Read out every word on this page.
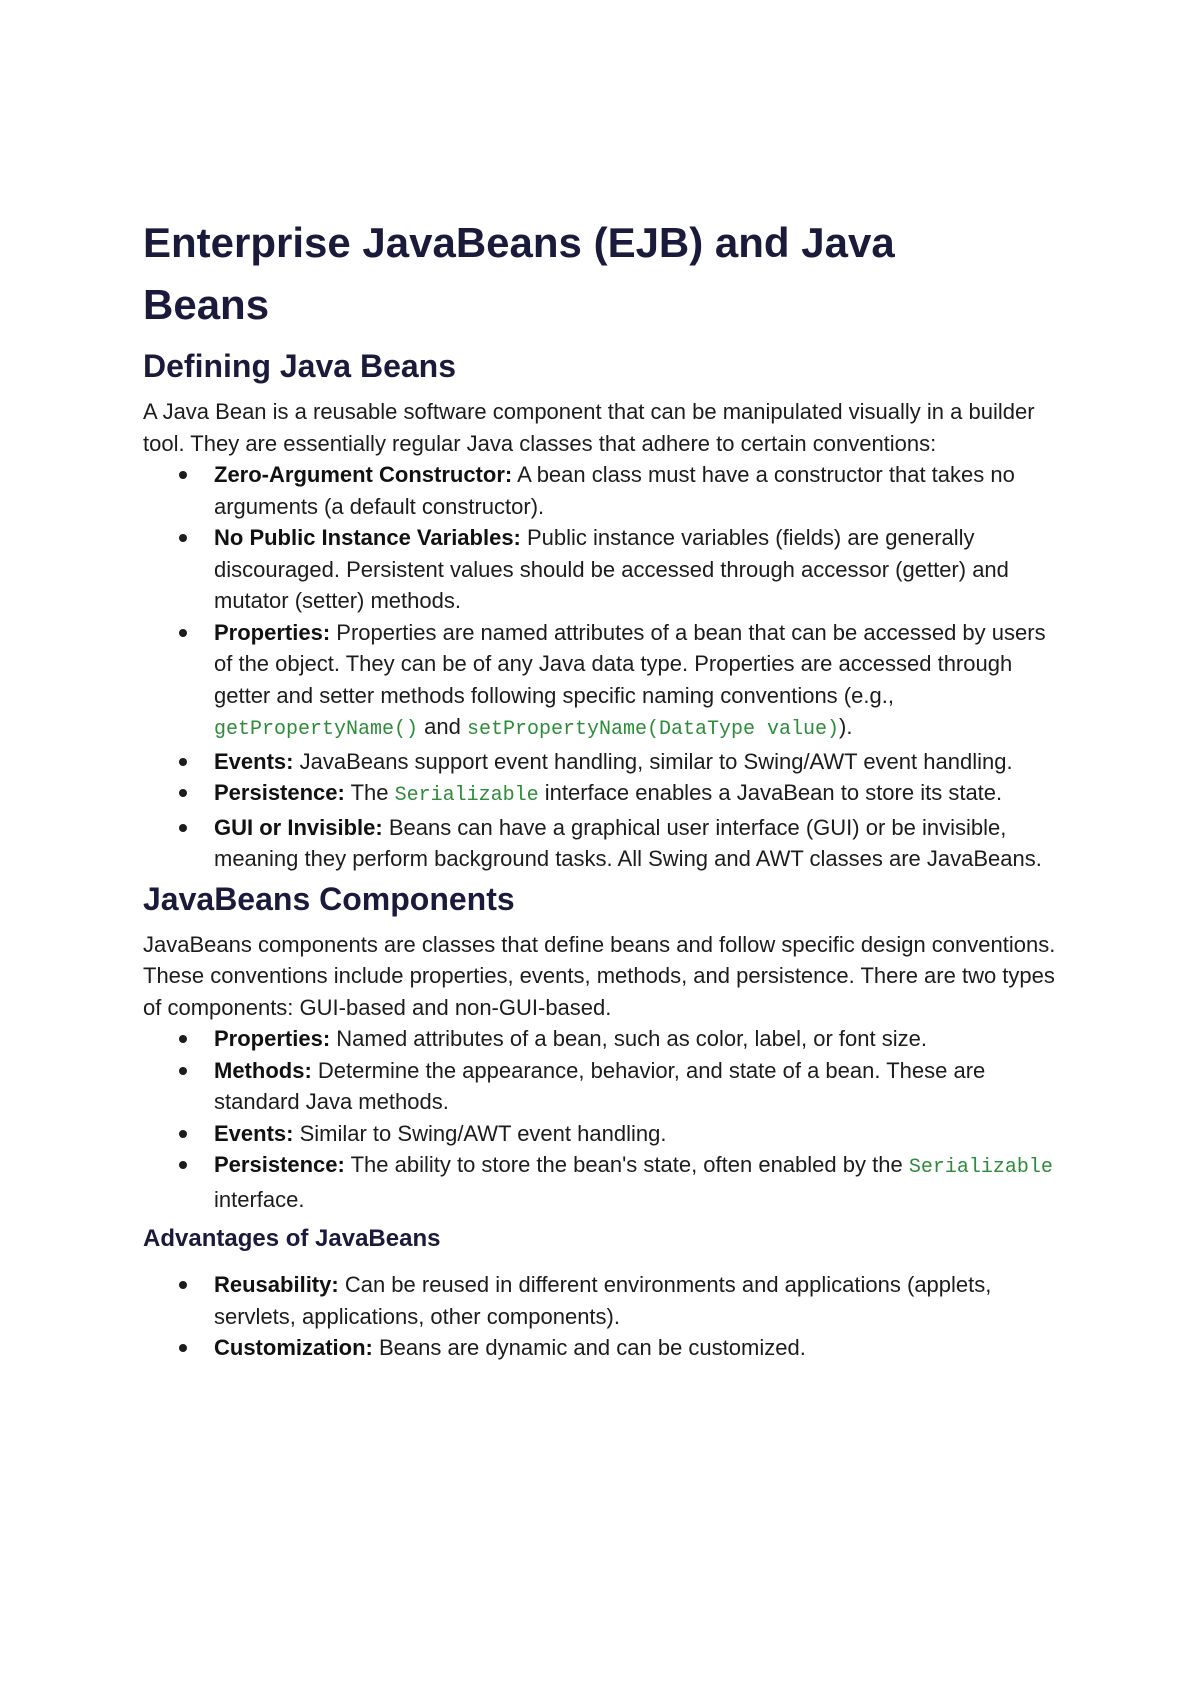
Enterprise JavaBeans (EJB) and Java Beans
Defining Java Beans

A Java Bean is a reusable software component that can be manipulated visually in a builder tool. They are essentially regular Java classes that adhere to certain conventions:

Zero-Argument Constructor: A bean class must have a constructor that takes no arguments (a default constructor).
No Public Instance Variables: Public instance variables (fields) are generally discouraged. Persistent values should be accessed through accessor (getter) and mutator (setter) methods.
Properties: Properties are named attributes of a bean that can be accessed by users of the object. They can be of any Java data type. Properties are accessed through getter and setter methods following specific naming conventions (e.g., getPropertyName() and setPropertyName(DataType value)).
Events: JavaBeans support event handling, similar to Swing/AWT event handling.
Persistence: The Serializable interface enables a JavaBean to store its state.
GUI or Invisible: Beans can have a graphical user interface (GUI) or be invisible, meaning they perform background tasks. All Swing and AWT classes are JavaBeans.
JavaBeans Components

JavaBeans components are classes that define beans and follow specific design conventions. These conventions include properties, events, methods, and persistence. There are two types of components: GUI-based and non-GUI-based.

Properties: Named attributes of a bean, such as color, label, or font size.
Methods: Determine the appearance, behavior, and state of a bean. These are standard Java methods.
Events: Similar to Swing/AWT event handling.
Persistence: The ability to store the bean's state, often enabled by the Serializable interface.
Advantages of JavaBeans
Reusability: Can be reused in different environments and applications (applets, servlets, applications, other components).
Customization: Beans are dynamic and can be customized.
